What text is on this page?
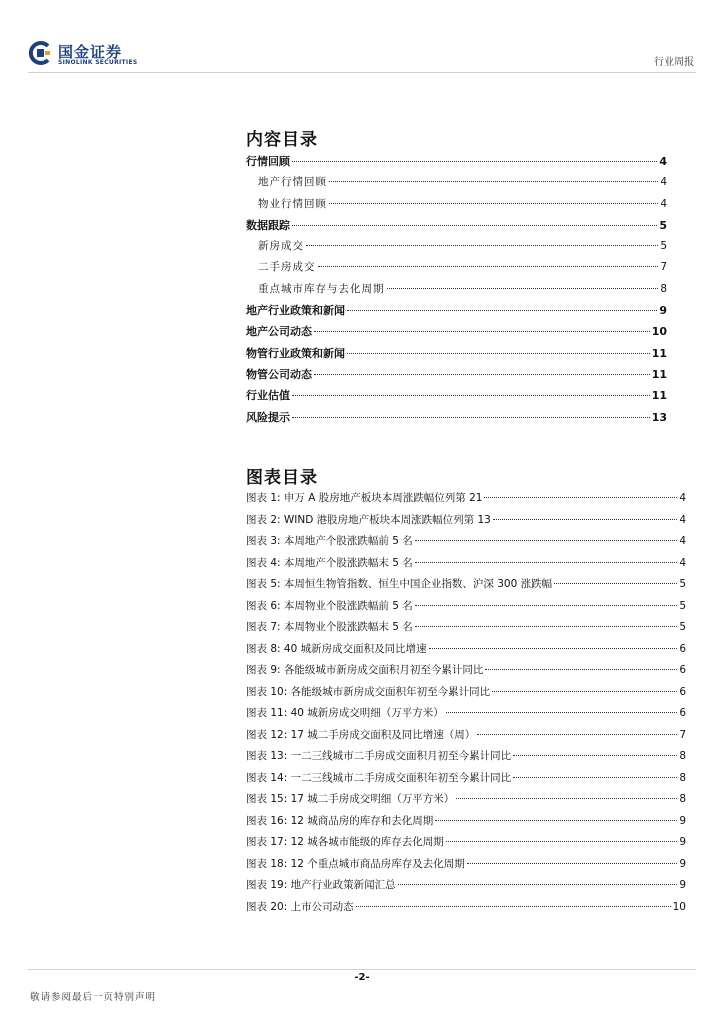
国金证券
SINOLINK SECURITIES	行业周报
内容目录
行情回顾	4
地产行情回顾	4
物业行情回顾	4
数据跟踪	5
新房成交	5
二手房成交	7
重点城市库存与去化周期	8
地产行业政策和新闻	9
地产公司动态	10
物管行业政策和新闻	11
物管公司动态	11
行业估值	11
风险提示	13
图表目录
图表 1: 申万 A 股房地产板块本周涨跌幅位列第 21	4
图表 2: WIND 港股房地产板块本周涨跌幅位列第 13	4
图表 3: 本周地产个股涨跌幅前 5 名	4
图表 4: 本周地产个股涨跌幅末 5 名	4
图表 5: 本周恒生物管指数、恒生中国企业指数、沪深 300 涨跌幅	5
图表 6: 本周物业个股涨跌幅前 5 名	5
图表 7: 本周物业个股涨跌幅末 5 名	5
图表 8: 40 城新房成交面积及同比增速	6
图表 9: 各能级城市新房成交面积月初至今累计同比	6
图表 10: 各能级城市新房成交面积年初至今累计同比	6
图表 11: 40 城新房成交明细（万平方米）	6
图表 12: 17 城二手房成交面积及同比增速（周）	7
图表 13: 一二三线城市二手房成交面积月初至今累计同比	8
图表 14: 一二三线城市二手房成交面积年初至今累计同比	8
图表 15: 17 城二手房成交明细（万平方米）	8
图表 16: 12 城商品房的库存和去化周期	9
图表 17: 12 城各城市能级的库存去化周期	9
图表 18: 12 个重点城市商品房库存及去化周期	9
图表 19: 地产行业政策新闻汇总	9
图表 20: 上市公司动态	10
-2-
敬请参阅最后一页特别声明
